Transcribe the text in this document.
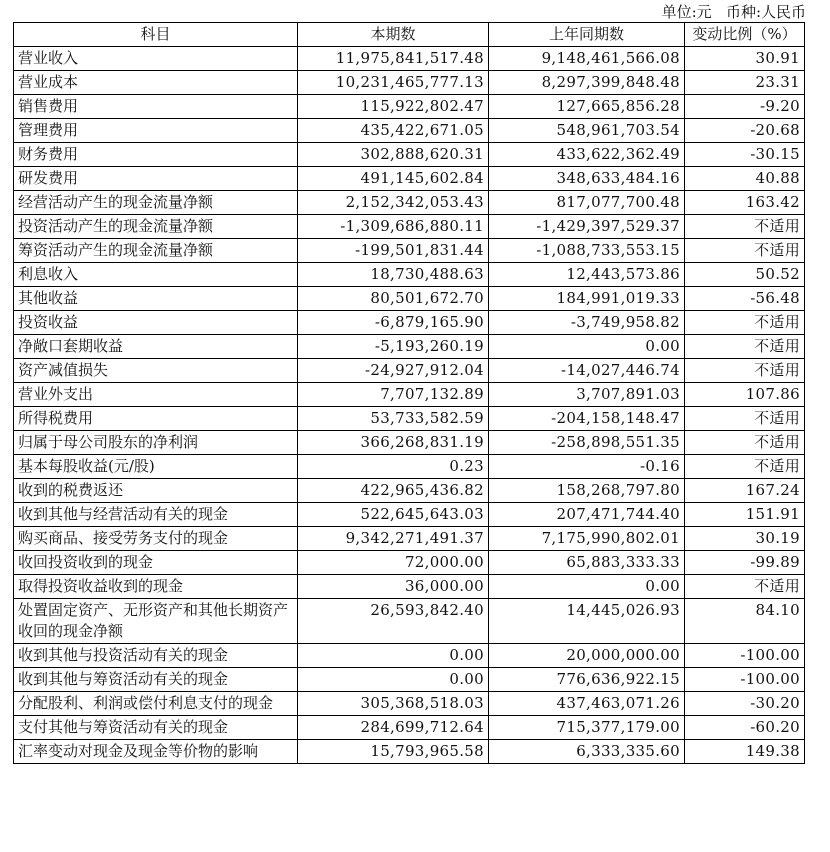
单位:元 币种:人民币
科目	本期数	上年同期数	变动比例（%）
营业收入	11,975,841,517.48	9,148,461,566.08	30.91
营业成本	10,231,465,777.13	8,297,399,848.48	23.31
销售费用	115,922,802.47	127,665,856.28	-9.20
管理费用	435,422,671.05	548,961,703.54	-20.68
财务费用	302,888,620.31	433,622,362.49	-30.15
研发费用	491,145,602.84	348,633,484.16	40.88
经营活动产生的现金流量净额	2,152,342,053.43	817,077,700.48	163.42
投资活动产生的现金流量净额	-1,309,686,880.11	-1,429,397,529.37	不适用
筹资活动产生的现金流量净额	-199,501,831.44	-1,088,733,553.15	不适用
利息收入	18,730,488.63	12,443,573.86	50.52
其他收益	80,501,672.70	184,991,019.33	-56.48
投资收益	-6,879,165.90	-3,749,958.82	不适用
净敞口套期收益	-5,193,260.19	0.00	不适用
资产减值损失	-24,927,912.04	-14,027,446.74	不适用
营业外支出	7,707,132.89	3,707,891.03	107.86
所得税费用	53,733,582.59	-204,158,148.47	不适用
归属于母公司股东的净利润	366,268,831.19	-258,898,551.35	不适用
基本每股收益(元/股)	0.23	-0.16	不适用
收到的税费返还	422,965,436.82	158,268,797.80	167.24
收到其他与经营活动有关的现金	522,645,643.03	207,471,744.40	151.91
购买商品、接受劳务支付的现金	9,342,271,491.37	7,175,990,802.01	30.19
收回投资收到的现金	72,000.00	65,883,333.33	-99.89
取得投资收益收到的现金	36,000.00	0.00	不适用
处置固定资产、无形资产和其他长期资产收回的现金净额	26,593,842.40	14,445,026.93	84.10
收到其他与投资活动有关的现金	0.00	20,000,000.00	-100.00
收到其他与筹资活动有关的现金	0.00	776,636,922.15	-100.00
分配股利、利润或偿付利息支付的现金	305,368,518.03	437,463,071.26	-30.20
支付其他与筹资活动有关的现金	284,699,712.64	715,377,179.00	-60.20
汇率变动对现金及现金等价物的影响	15,793,965.58	6,333,335.60	149.38
